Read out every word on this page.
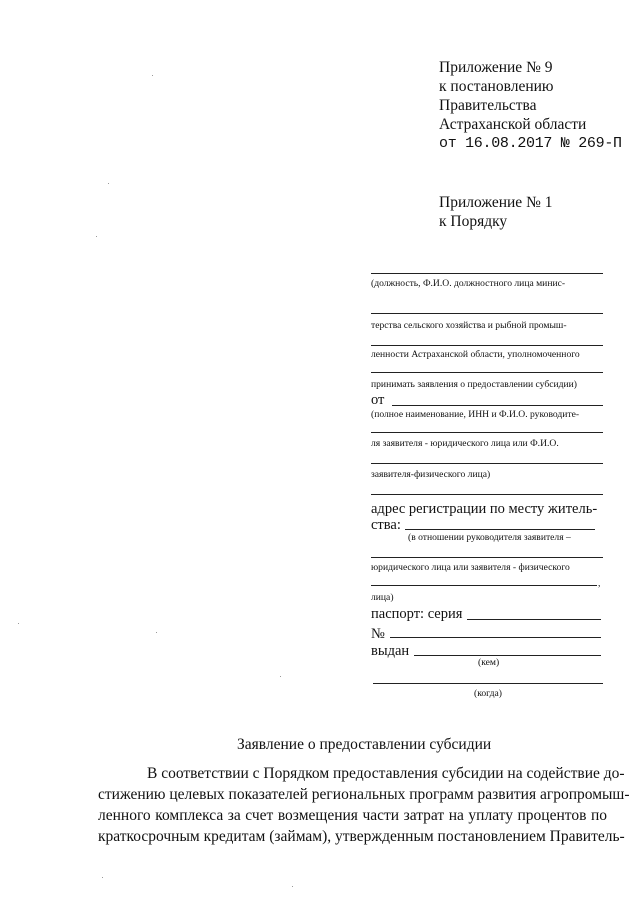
Приложение № 9
к постановлению
Правительства
Астраханской области
от 16.08.2017 № 269-П
Приложение № 1
к Порядку
(должность, Ф.И.О. должностного лица минис-
терства сельского хозяйства и рыбной промыш-
ленности Астраханской области, уполномоченного
принимать заявления о предоставлении субсидии)
от
(полное наименование, ИНН и Ф.И.О. руководите-
ля заявителя - юридического лица или Ф.И.О.
заявителя-физического лица)
адрес регистрации по месту житель-
ства:
(в отношении руководителя заявителя –
юридического лица или заявителя - физического
,
лица)
паспорт: серия
№
выдан
(кем)
(когда)
Заявление о предоставлении субсидии
В соответствии с Порядком предоставления субсидии на содействие до-
стижению целевых показателей региональных программ развития агропромыш-
ленного комплекса за счет возмещения части затрат на уплату процентов по
краткосрочным кредитам (займам), утвержденным постановлением Правитель-
